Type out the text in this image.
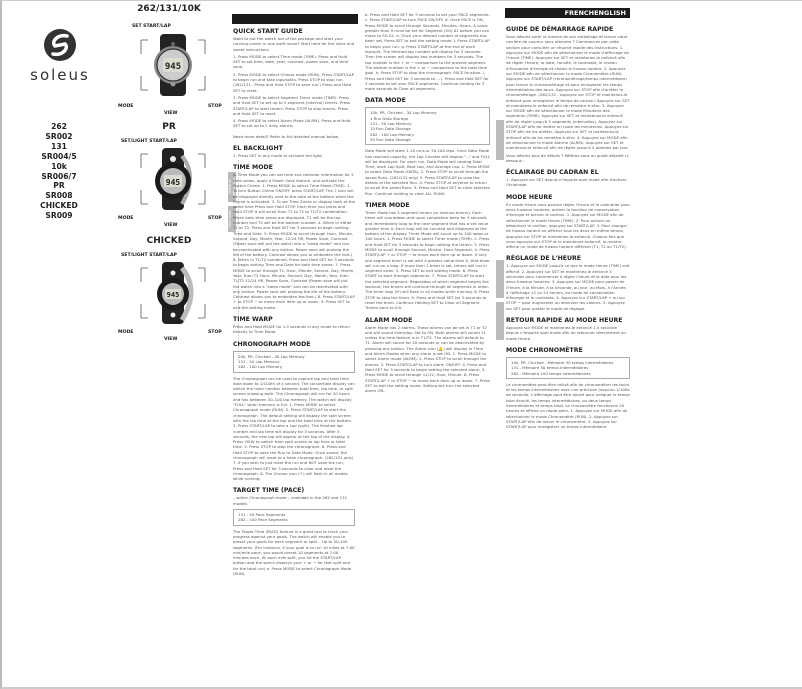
soleus
262
SR002
131
SR004/5
10k
SR006/7
PR
SR008
CHICKED
SR009
262/131/10K
SET START/LAP
945
MODE
VIEW
STOP
PR
SET/LIGHT START/LAP
945
MODE
VIEW
STOP
CHICKED
SET/LIGHT START/LAP
945
MODE
VIEW
STOP
Guide de démarrage
Time Mode
QUICK START GUIDE

Want to put the watch out of the package and start your running career in one swift move? Start here for the short and sweet instructions.

1. Press MODE to select Time mode (TIME). Press and Hold SET to set time, date, year, contrast, power save, and time zone.

2. Press MODE to select Chrono mode (RUN). Press START/LAP to begin run and take laps/splits. Press STOP to stop run. (262/131 - Press and Hold STOP to save run.) Press and Hold SET to reset.

3. Press MODE to select Segment Timer mode (TIMR). Press and Hold SET to set up to 5 segment (interval) timers. Press START/LAP to start timers. Press STOP to stop timers. Press and Hold SET to reset.

4. Press MODE to select Alarm Mode (ALRM). Press and Hold SET to set up to 2 daily alarms.

Need more detail? Refer to full detailed manual below.

EL BACKLIGHT

1. Press SET in any mode to activate the light.

TIME MODE

In Time Mode you can set time and calendar information for 2 time zones, apply a Power Save feature, and activate the Button Chime. 1. Press MODE to select Time Mode (TIME). 2. To turn Button Chime ON/OFF press START/LAP. The ♪ icon will be displayed directly next to the date at the bottom when the Chime is activated. 3. To set Time Zones or display both at the same time Press and Hold STOP. Each time you press and Hold STOP it will scroll from T1 to T2 to T1/T2 combination. When both time zones are displayed, T1 will be the top number and T2 will be the bottom number. 4. When in either T1 or T2, Press and Hold SET for 3 seconds to begin setting Time and Date. 5. Press MODE to scroll through Hour, Minute, Second, Day, Month, Year, 12/24 HR, Power Save, Contrast (Power save will put the watch into a "sleep mode" and can be reactivated with any button. Power save will prolong the life of the battery. Contrast allows you to embolden the font.) 6. When in T1/T2 combined, Press and Hold SET for 3 seconds to begin setting Time and Date for both time zones. 7. Press MODE to scroll through T1, Hour, Minute, Second, Day, Month, Year, then T2 Hour, Minute, Second, Day, Month, Year, then T1/T2 12/24 HR, Power Save, Contrast (Power save will put the watch into a "sleep mode" and can be reactivated with any button. Power save will prolong the life of the battery. Contrast allows you to embolden the font.) 8. Press START/LAP + or STOP − to move each item up or down. 9. Press SET to exit the setting mode.

TIME WARP

Press and Hold MODE for 1.5 seconds in any mode to return directly to Time Mode.

CHRONOGRAPH MODE
10k, PR, Chicked - 30 Lap Memory
131 - 50 Lap Memory
262 - 100 Lap Memory

The Chronograph can be used to capture lap and total time data down to 1/100th of a second. The convertible display can switch the main number between total time, lap time, or split screen showing both. The Chronograph will run for 20 hours and has between 30–100 lap memory. The watch will display "FULL" when memory is full. 1. Press MODE to select Chronograph mode (RUN). 2. Press START/LAP to start the chronograph. The default setting will display the split screen with the lap time at the top and the total time at the bottom. 3. Press START/LAP to take a Lap (split). The finished lap number and lap time will display for 5 seconds. After 5 seconds, the new lap will appear at the top of the display. 4. Press VIEW to switch from split screen to lap time or total time. 5. Press STOP to stop the chronograph. 6. Press and Hold STOP to save the Run to Data Mode. Once saved, the chronograph will reset to a fresh chronograph. (262/131 only) 7. If you wish to just reset the run and NOT save the run, Press and Hold SET for 3 seconds to clear and reset the chronograph. 8. The Chrono icon (☉) will flash in all modes while running.

TARGET TIME (PACE)

– within Chronograph mode – available in the 262 and 131 models

131 - 50 Pace Segments
262 - 100 Pace Segments

The Target Time (PACE) feature is a great tool to track your progress against your goals. The watch will enable you to preset your goals for each segment or split... Up to 50-100 segments. (For instance, if your goal is to run 10 miles at 7:00 min/mile pace, you would preset 10 segments at 7:00 minutes each. At each mile split, you hit the START/LAP button and the watch displays your + or − for that split and for the total run) a. Press MODE to select Chronograph Mode (RUN)

b. Press and Hold SET for 3 seconds to set your PACE segments. c. Press START/LAP to turn PACE ON/OFF. d. Once PACE is ON, Press MODE to scroll through Seconds, Minutes, Hours. A value greater than 0 must be set for Segment (SG) 01 before you can move to SG 02. e. Once your desired number of segments has been set, Press SET to exit the setting mode. f. Press START/LAP to begin your run. g. Press START/LAP at the end of each lap/split. The finished lap number will display for 5 seconds. Then the screen will display two numbers for 5 seconds. The top number is the + or − comparison to the present segment. The bottom number is the + or − comparison to the total time goal. h. Press STOP to stop the chronograph. PACE function. i. Press and Hold SET for 3 seconds to ... j. Press and Hold SET for 3 seconds to set your PACE segments. Continue holding for 3 more seconds to Clear all segments.

DATA MODE
10k, PR, Chicked - 30 Lap Memory
1 Run Data Storage
131 - 50 Lap Memory
10 Run Data Storage
262 - 100 Lap Memory
30 Run Data Storage

Data Mode will store 1-10 runs or 30-100 laps. Once Data Mode has reached capacity, the Lap Counter will display "--" and FULL will be displayed. For each run, Data Mode will catalog Total Time, each Lap Split, Best Lap, and Average Lap. 1. Press MODE to select Data Mode (DATA). 2. Press STOP to scroll through the saved Runs. (262/131 only) 3. Press START/LAP to view the details of the selected Run. 4. Press STOP at anytime to return to scroll the saved Runs. 5. Press and Hold SET to clear selected Run. Continue holding to clear ALL RUNS.

TIMER MODE

Timer Mode has 5 segment timers (or interval timers). Each timer will countdown and upon completion beep for 5 seconds and immediately loop to the next segment that has a set value greater than 0. Each loop will be counted and displayed at the bottom of the display. Timer Mode will count up to 100 loops or 100 hours. 1. Press MODE to select Timer mode (TIMR). 2. Press and Hold SET for 3 seconds to begin setting the timers. 3. Press MODE to scroll through Second, Minute, Hour Segment. 4. Press START/LAP + or STOP − to move each item up or down. If only one segment timer is set with a greater value than 0, that timer will run on a loop. If more than 1 timer is set, timers will run in segment order. 5. Press SET to exit setting mode. 6. Press START to start through segments. 7. Press START/LAP to start the selected segment. Regardless of which segment begins the workout, the timers will continue through all segments in order. The timer loop (⟳) will flash in all modes while running. 8. Press STOP to stop the timer. 9. Press and Hold SET for 3 seconds to reset the timer. Continue Holding SET to Clear all Segment Timers back to 0:0.

ALARM MODE

Alarm Mode has 2 alarms. These alarms can be set in T1 or T2 and will sound everyday. Set to ON. Both alarms will sound 11 unless the time feature is in T1/T2. The alarms will default to T1. Alarm will sound for 20 seconds or can be deactivated by pressing any button. The Alarm icon (🔔) will display in Time and Alarm Modes when any alarm is set ON. 1. Press MODE to select Alarm mode (ALRM). 2. Press STOP to scroll through the alarms. 3. Press START/LAP to turn alarm ON/OFF. 4. Press and Hold SET for 3 seconds to begin setting the selected alarm. 5. Press MODE to scroll through 11/12, Hour, Minute. 6. Press START/LAP + or STOP − to move each item up or down. 7. Press SET to exit the setting mode. Setting will turn the selected alarm ON.

FRENCHENGLISH
GUIDE DE DÉMARRAGE RAPIDE

Vous désirez sortir la montre de son emballage et lancer votre carrière de coureur sans attendre ? Commencez par cette section pour consulter un résumé rapide des instructions. 1. Appuyez sur MODE afin de sélectionner le mode d'affichage de l'heure (TIME). Appuyez sur SET et maintenez-le enfoncé afin de régler l'heure, la date, l'année, le contraste, le niveau d'économie d'énergie et choisir le fuseau horaire. 2. Appuyez sur MODE afin de sélectionner le mode Chronomètre (RUN). Appuyez sur START/LAP (chronomètrage/temps intermédiaire) pour lancer le chronomètrage et pour enregistrer les temps intermédiaires des tours. Appuyez sur STOP afin d'arrêter le chronomètrage. (262/131 - Appuyez sur STOP et maintenez-le enfoncé pour enregistrer le temps de course.) Appuyez sur SET et maintenez-le enfoncé afin de remettre à zéro. 3. Appuyez sur MODE afin de sélectionner le mode Minuterie des segments (TIMR). Appuyez sur SET et maintenez-le enfoncé afin de régler jusqu'à 5 segments (intervalles). Appuyez sur START/LAP afin de mettre en route les minuteries. Appuyez sur STOP afin de les arrêter. Appuyez sur SET et maintenez-le enfoncé afin de les remettre à zéro. 4. Appuyez sur MODE afin de sélectionner le mode Alarme (ALRM). Appuyez sur SET et maintenez-le enfoncé afin de régler jusqu'à 2 alarmes par jour.

Vous désirez plus de détails ? Référez-vous au guide détaillé ci-dessous :

ÉCLAIRAGE DU CADRAN EL

1. Appuyez sur SET depuis n'importe quel mode afin d'activer l'éclairage.

MODE HEURE

En mode Heure vous pouvez régler l'heure et le calendrier pour deux fuseaux horaires, activer la fonction de conservation d'énergie et activer le carillon. 1. Appuyez sur MODE afin de sélectionner le mode Heure (TIME). 2. Pour activer ou désactiver le carillon, appuyez sur START/LAP. 3. Pour changer de fuseau horaire ou afficher tous les deux en même temps, appuyez sur STOP et maintenez-le enfoncé. Chaque fois que vous appuyez sur STOP et le maintenez enfoncé, la montre affiche un mode de fuseau horaire différent (T1, T2 ou T1/T2).

RÉGLAGE DE L'HEURE

1. Appuyez sur MODE jusqu'à ce que le mode Heure (TIME) soit affiché. 2. Appuyez sur SET et maintenez-le enfoncé 3 secondes pour commencer à régler l'heure et la date pour les deux fuseaux horaires. 3. Appuyez sur MODE pour passer de l'Heure, à la Minute, à la Seconde, au Jour, au Mois, à l'Année, à l'affichage 12 ou 24 heures, au mode de conservation d'énergie et le contraste. 4. Appuyez sur START/LAP + ou sur STOP − pour augmenter ou diminuer les valeurs. 5. Appuyez sur SET pour quitter le mode de réglage.

RETOUR RAPIDE AU MODE HEURE

Appuyez sur MODE et maintenez-le enfoncé 1,5 seconde depuis n'importe quel mode afin de retourner directement au mode Heure.

MODE CHRONOMÈTRE
10k, PR, Chicked - Mémoire 30 temps intermédiaires
131 - Mémoire 50 temps intermédiaires
262 - Mémoire 100 temps intermédiaires

Le chronomètre peut être utilisé afin de chronométrer les tours et les temps intermédiaires avec une précision jusqu'au 1/100e de seconde. L'affichage peut être ajusté pour indiquer le temps total écoulé, les temps intermédiaires, ou deux temps intermédiaires et temps total. Le chronomètre fonctionne 20 heures et affiche un mode plein. 1. Appuyez sur MODE afin de sélectionner le mode Chronomètre (RUN). 2. Appuyez sur START/LAP afin de lancer le chronomètre. 3. Appuyez sur START/LAP pour enregistrer un temps intermédiaire.
